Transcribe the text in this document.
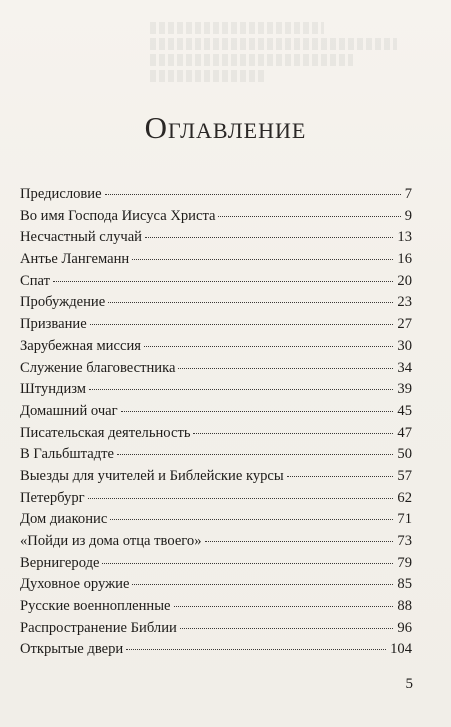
Оглавление
Предисловие	7
Во имя Господа Иисуса Христа	9
Несчастный случай	13
Антье Лангеманн	16
Спат	20
Пробуждение	23
Призвание	27
Зарубежная миссия	30
Служение благовестника	34
Штундизм	39
Домашний очаг	45
Писательская деятельность	47
В Гальбштадте	50
Выезды для учителей и Библейские курсы	57
Петербург	62
Дом диаконис	71
«Пойди из дома отца твоего»	73
Вернигероде	79
Духовное оружие	85
Русские военнопленные	88
Распространение Библии	96
Открытые двери	104
5
